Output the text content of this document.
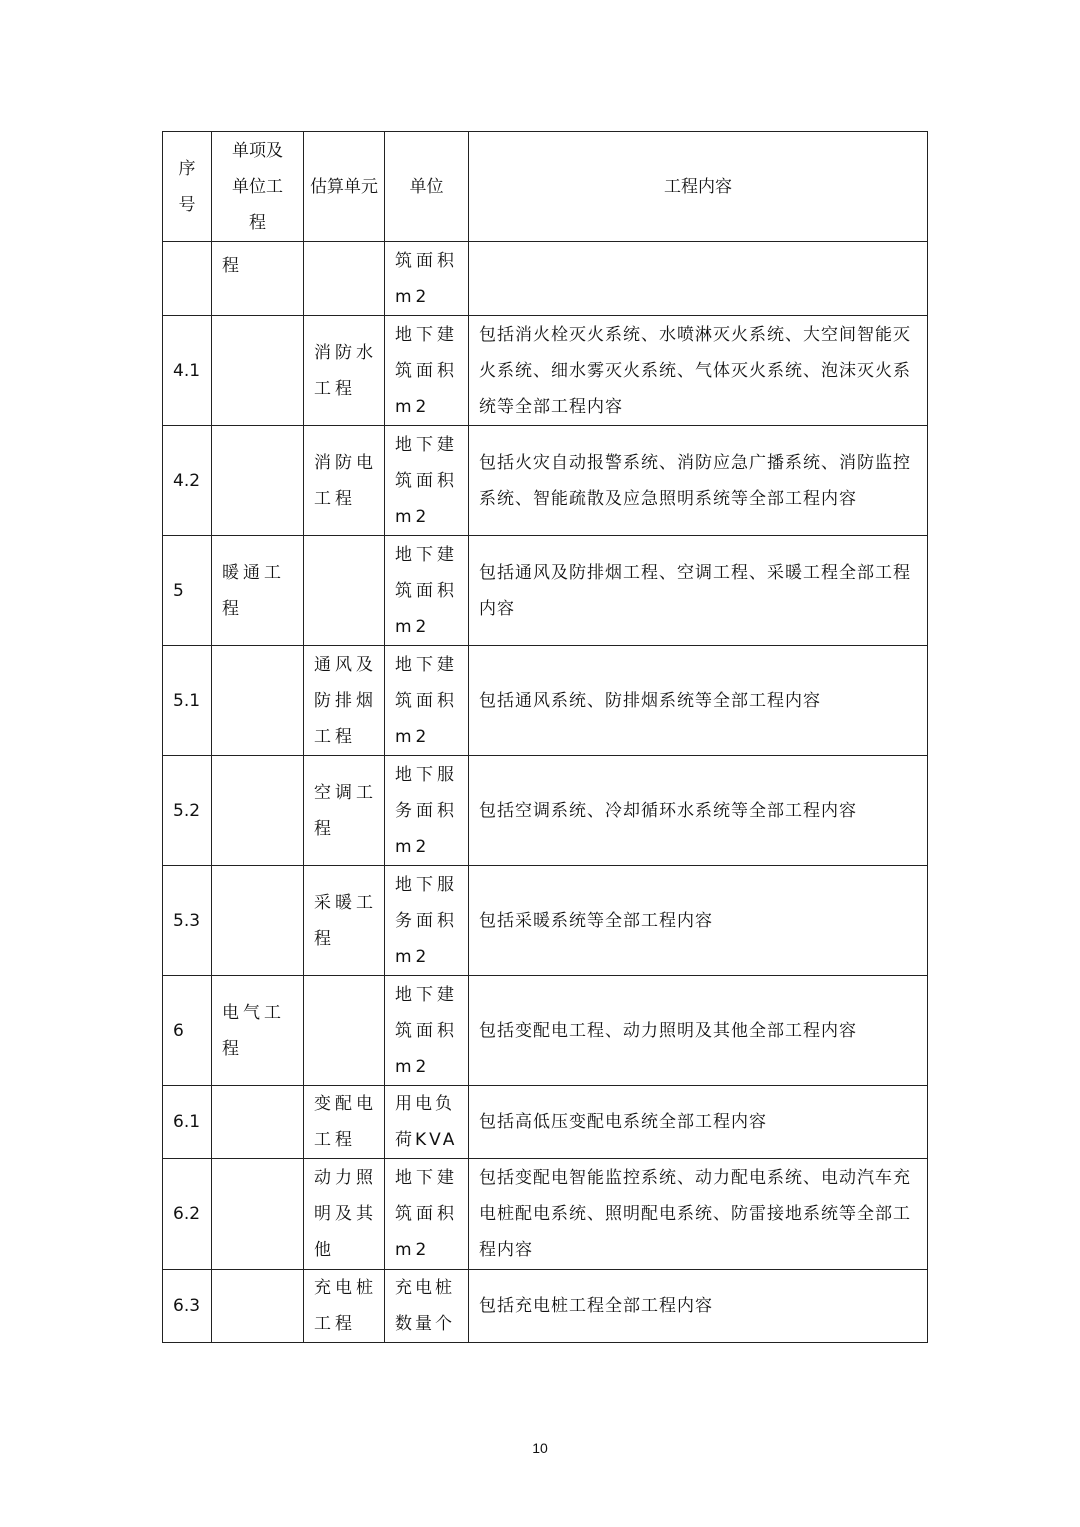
序号	单项及单位工程	估算单元	单位	工程内容

	程		筑面积m2	

4.1		消防水工程	地下建筑面积m2	包括消火栓灭火系统、水喷淋灭火系统、大空间智能灭火系统、细水雾灭火系统、气体灭火系统、泡沫灭火系统等全部工程内容

4.2		消防电工程	地下建筑面积m2	包括火灾自动报警系统、消防应急广播系统、消防监控系统、智能疏散及应急照明系统等全部工程内容

5	暖通工程		地下建筑面积m2	包括通风及防排烟工程、空调工程、采暖工程全部工程内容

5.1		通风及防排烟工程	地下建筑面积m2	包括通风系统、防排烟系统等全部工程内容

5.2		空调工程	地下服务面积m2	包括空调系统、冷却循环水系统等全部工程内容

5.3		采暖工程	地下服务面积m2	包括采暖系统等全部工程内容

6	电气工程		地下建筑面积m2	包括变配电工程、动力照明及其他全部工程内容

6.1		变配电工程	用电负荷KVA	包括高低压变配电系统全部工程内容

6.2		动力照明及其他	地下建筑面积m2	包括变配电智能监控系统、动力配电系统、电动汽车充电桩配电系统、照明配电系统、防雷接地系统等全部工程内容

6.3		充电桩工程	充电桩数量个	包括充电桩工程全部工程内容
10
